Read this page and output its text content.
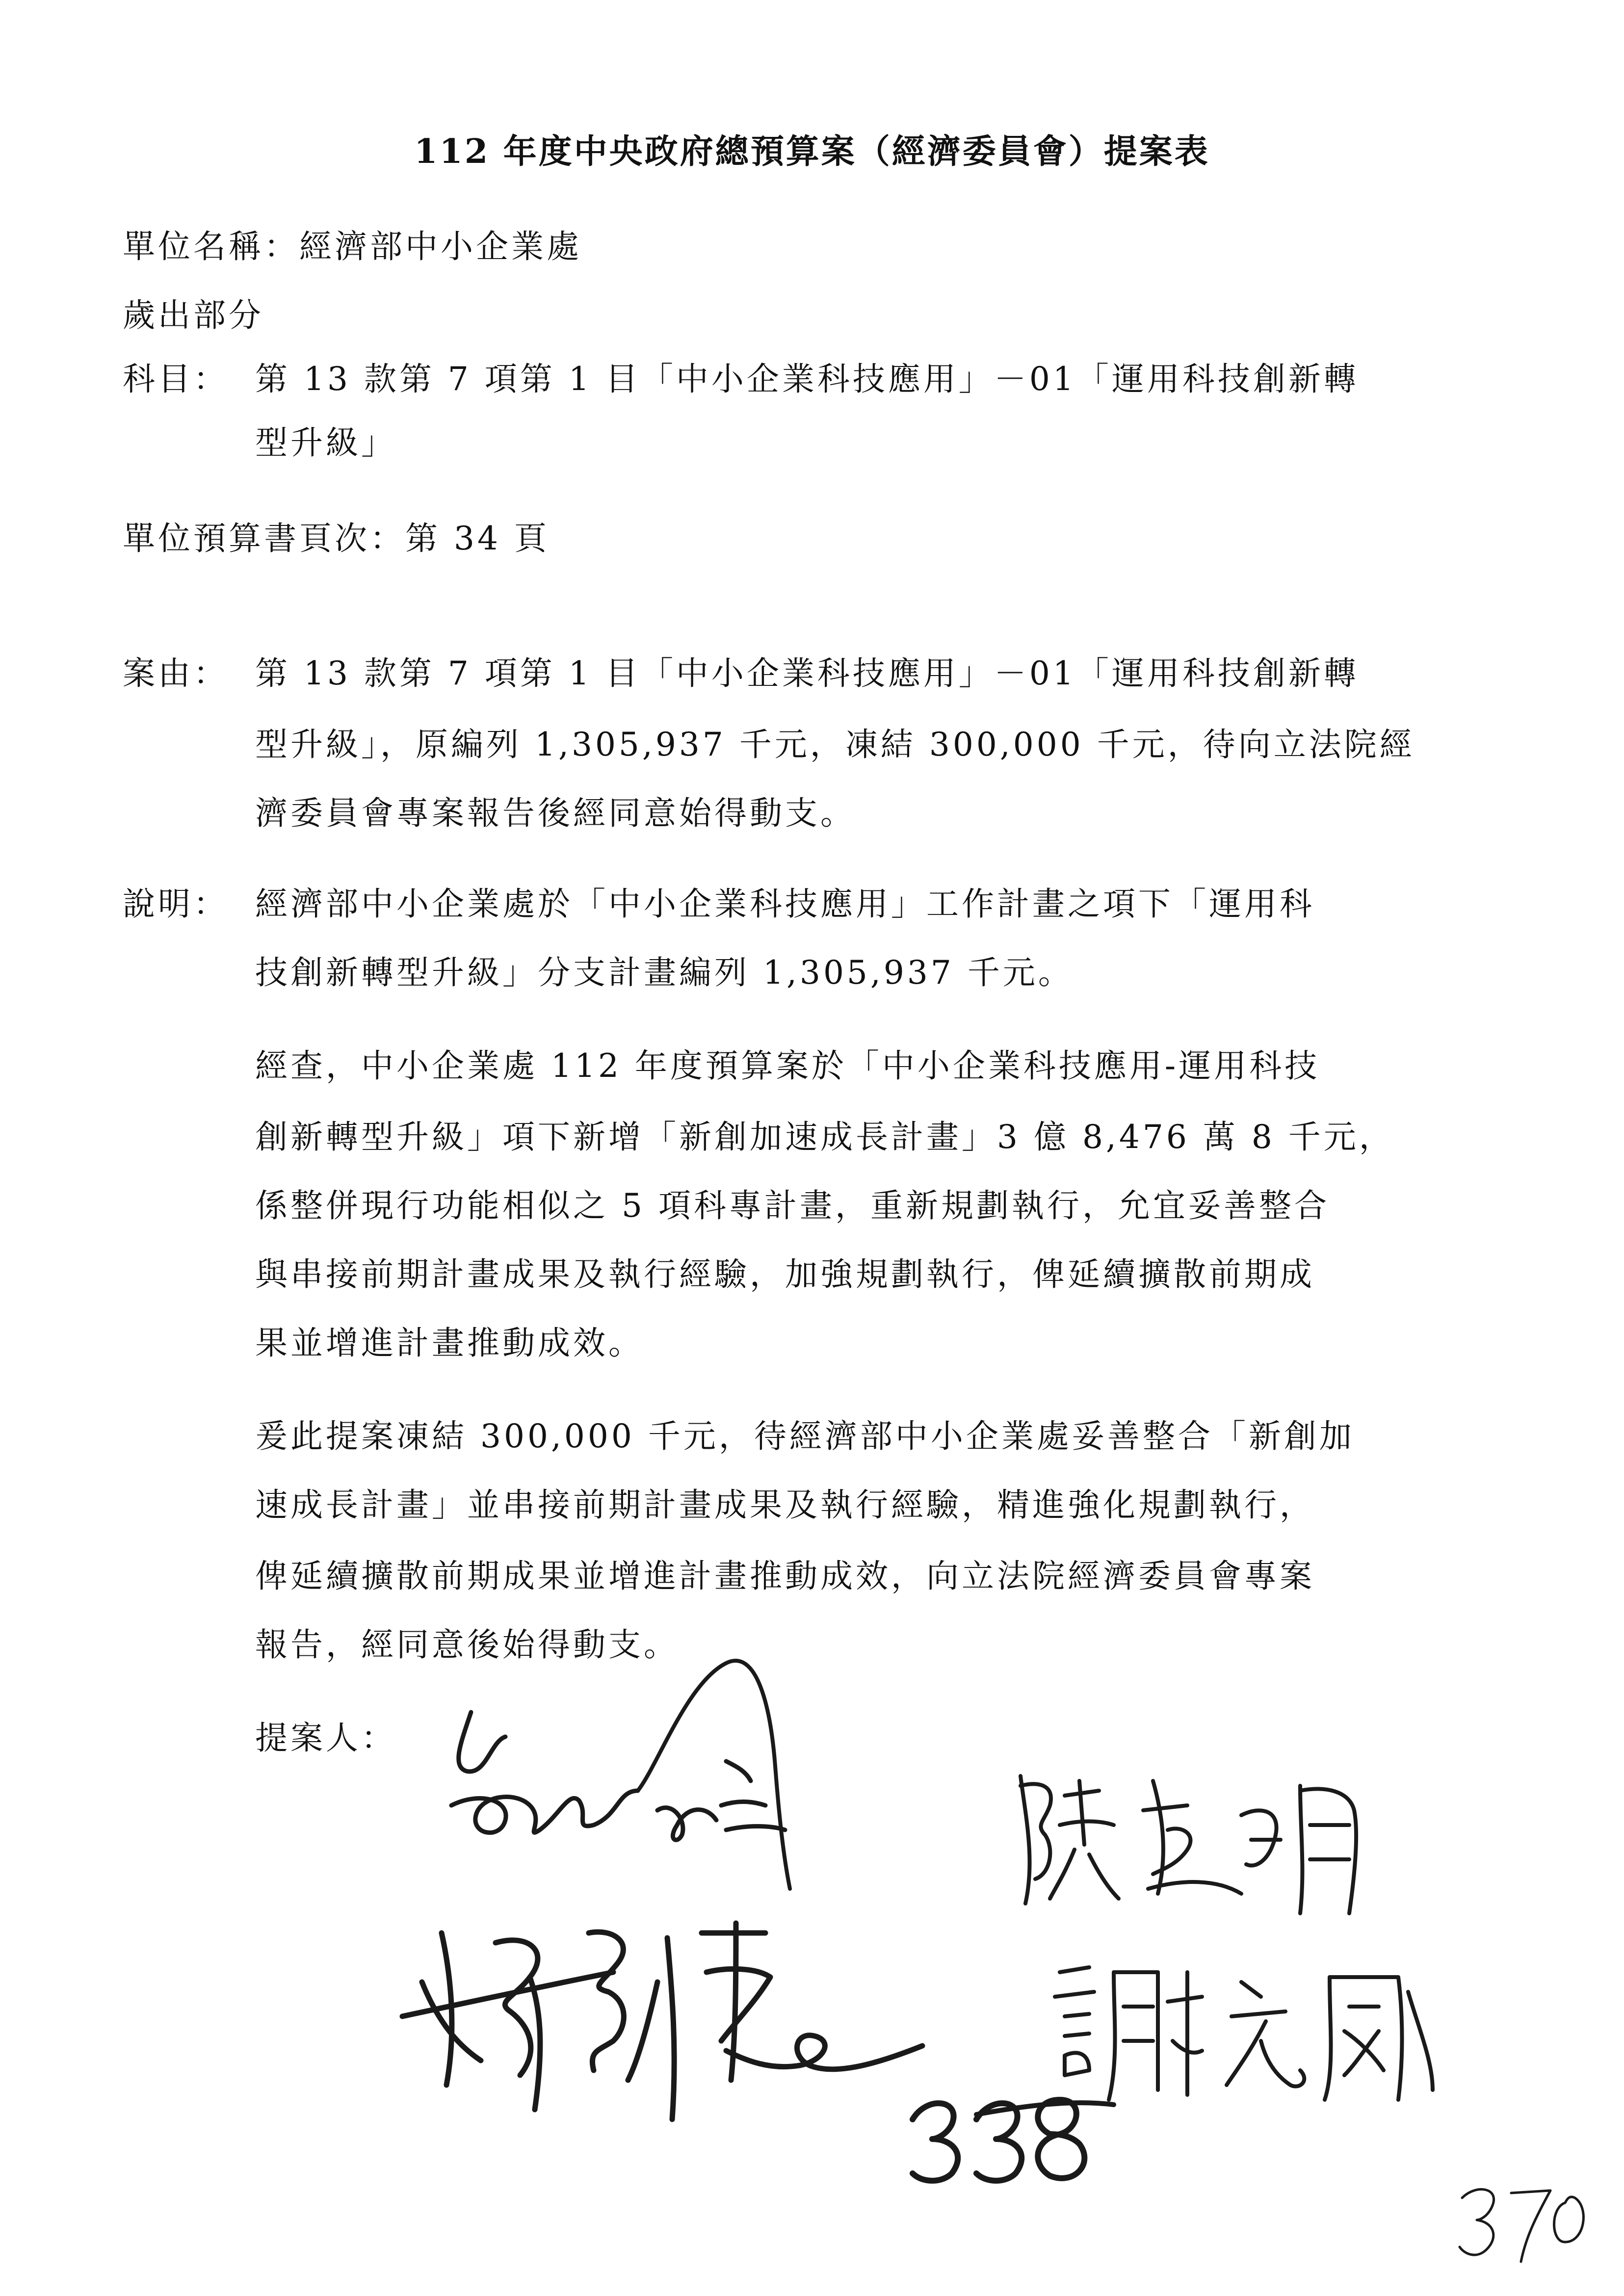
112 年度中央政府總預算案（經濟委員會）提案表
單位名稱：經濟部中小企業處
歲出部分
科目： 第 13 款第 7 項第 1 目「中小企業科技應用」－01「運用科技創新轉
型升級」
單位預算書頁次：第 34 頁
案由： 第 13 款第 7 項第 1 目「中小企業科技應用」－01「運用科技創新轉
型升級」，原編列 1,305,937 千元，凍結 300,000 千元，待向立法院經
濟委員會專案報告後經同意始得動支。
說明： 經濟部中小企業處於「中小企業科技應用」工作計畫之項下「運用科
技創新轉型升級」分支計畫編列 1,305,937 千元。
經查，中小企業處 112 年度預算案於「中小企業科技應用-運用科技
創新轉型升級」項下新增「新創加速成長計畫」3 億 8,476 萬 8 千元，
係整併現行功能相似之 5 項科專計畫，重新規劃執行，允宜妥善整合
與串接前期計畫成果及執行經驗，加強規劃執行，俾延續擴散前期成
果並增進計畫推動成效。
爰此提案凍結 300,000 千元，待經濟部中小企業處妥善整合「新創加
速成長計畫」並串接前期計畫成果及執行經驗，精進強化規劃執行，
俾延續擴散前期成果並增進計畫推動成效，向立法院經濟委員會專案
報告，經同意後始得動支。
提案人：
